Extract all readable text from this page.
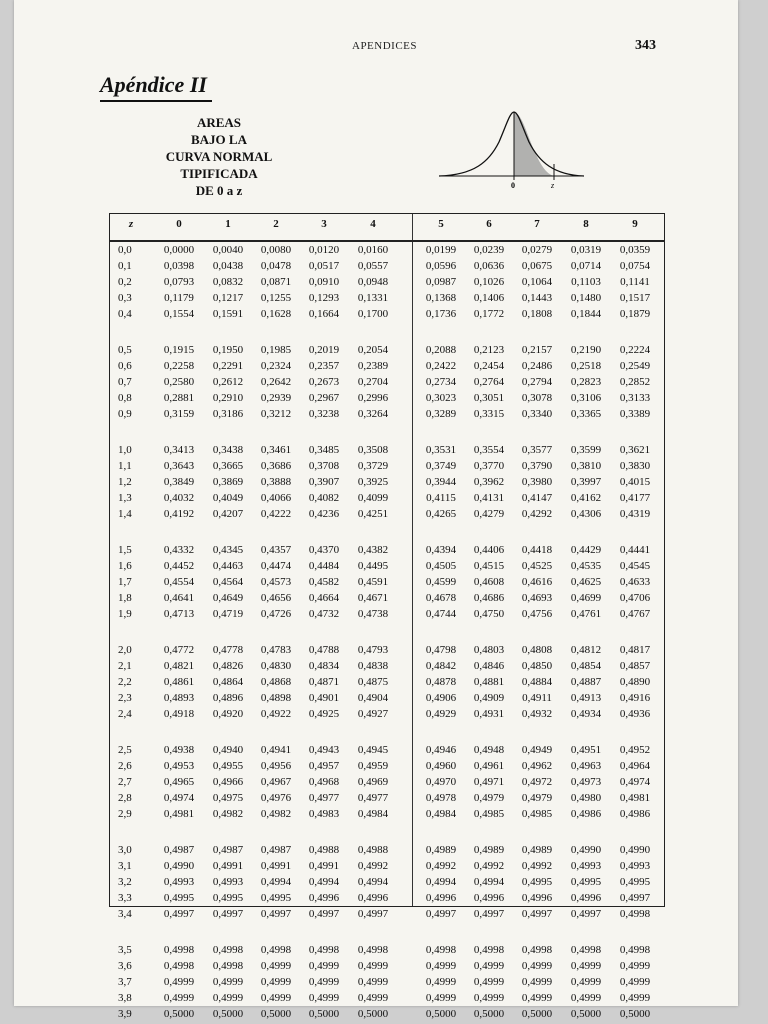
APENDICES	343
Apéndice II
AREAS
BAJO LA
CURVA NORMAL
TIPIFICADA
DE 0 a z	0	z
z	0	1	2	3	4	5	6	7	8	9
0,0	0,0000	0,0040	0,0080	0,0120	0,0160	0,0199	0,0239	0,0279	0,0319	0,0359
0,1	0,0398	0,0438	0,0478	0,0517	0,0557	0,0596	0,0636	0,0675	0,0714	0,0754
0,2	0,0793	0,0832	0,0871	0,0910	0,0948	0,0987	0,1026	0,1064	0,1103	0,1141
0,3	0,1179	0,1217	0,1255	0,1293	0,1331	0,1368	0,1406	0,1443	0,1480	0,1517
0,4	0,1554	0,1591	0,1628	0,1664	0,1700	0,1736	0,1772	0,1808	0,1844	0,1879
0,5	0,1915	0,1950	0,1985	0,2019	0,2054	0,2088	0,2123	0,2157	0,2190	0,2224
0,6	0,2258	0,2291	0,2324	0,2357	0,2389	0,2422	0,2454	0,2486	0,2518	0,2549
0,7	0,2580	0,2612	0,2642	0,2673	0,2704	0,2734	0,2764	0,2794	0,2823	0,2852
0,8	0,2881	0,2910	0,2939	0,2967	0,2996	0,3023	0,3051	0,3078	0,3106	0,3133
0,9	0,3159	0,3186	0,3212	0,3238	0,3264	0,3289	0,3315	0,3340	0,3365	0,3389
1,0	0,3413	0,3438	0,3461	0,3485	0,3508	0,3531	0,3554	0,3577	0,3599	0,3621
1,1	0,3643	0,3665	0,3686	0,3708	0,3729	0,3749	0,3770	0,3790	0,3810	0,3830
1,2	0,3849	0,3869	0,3888	0,3907	0,3925	0,3944	0,3962	0,3980	0,3997	0,4015
1,3	0,4032	0,4049	0,4066	0,4082	0,4099	0,4115	0,4131	0,4147	0,4162	0,4177
1,4	0,4192	0,4207	0,4222	0,4236	0,4251	0,4265	0,4279	0,4292	0,4306	0,4319
1,5	0,4332	0,4345	0,4357	0,4370	0,4382	0,4394	0,4406	0,4418	0,4429	0,4441
1,6	0,4452	0,4463	0,4474	0,4484	0,4495	0,4505	0,4515	0,4525	0,4535	0,4545
1,7	0,4554	0,4564	0,4573	0,4582	0,4591	0,4599	0,4608	0,4616	0,4625	0,4633
1,8	0,4641	0,4649	0,4656	0,4664	0,4671	0,4678	0,4686	0,4693	0,4699	0,4706
1,9	0,4713	0,4719	0,4726	0,4732	0,4738	0,4744	0,4750	0,4756	0,4761	0,4767
2,0	0,4772	0,4778	0,4783	0,4788	0,4793	0,4798	0,4803	0,4808	0,4812	0,4817
2,1	0,4821	0,4826	0,4830	0,4834	0,4838	0,4842	0,4846	0,4850	0,4854	0,4857
2,2	0,4861	0,4864	0,4868	0,4871	0,4875	0,4878	0,4881	0,4884	0,4887	0,4890
2,3	0,4893	0,4896	0,4898	0,4901	0,4904	0,4906	0,4909	0,4911	0,4913	0,4916
2,4	0,4918	0,4920	0,4922	0,4925	0,4927	0,4929	0,4931	0,4932	0,4934	0,4936
2,5	0,4938	0,4940	0,4941	0,4943	0,4945	0,4946	0,4948	0,4949	0,4951	0,4952
2,6	0,4953	0,4955	0,4956	0,4957	0,4959	0,4960	0,4961	0,4962	0,4963	0,4964
2,7	0,4965	0,4966	0,4967	0,4968	0,4969	0,4970	0,4971	0,4972	0,4973	0,4974
2,8	0,4974	0,4975	0,4976	0,4977	0,4977	0,4978	0,4979	0,4979	0,4980	0,4981
2,9	0,4981	0,4982	0,4982	0,4983	0,4984	0,4984	0,4985	0,4985	0,4986	0,4986
3,0	0,4987	0,4987	0,4987	0,4988	0,4988	0,4989	0,4989	0,4989	0,4990	0,4990
3,1	0,4990	0,4991	0,4991	0,4991	0,4992	0,4992	0,4992	0,4992	0,4993	0,4993
3,2	0,4993	0,4993	0,4994	0,4994	0,4994	0,4994	0,4994	0,4995	0,4995	0,4995
3,3	0,4995	0,4995	0,4995	0,4996	0,4996	0,4996	0,4996	0,4996	0,4996	0,4997
3,4	0,4997	0,4997	0,4997	0,4997	0,4997	0,4997	0,4997	0,4997	0,4997	0,4998
3,5	0,4998	0,4998	0,4998	0,4998	0,4998	0,4998	0,4998	0,4998	0,4998	0,4998
3,6	0,4998	0,4998	0,4999	0,4999	0,4999	0,4999	0,4999	0,4999	0,4999	0,4999
3,7	0,4999	0,4999	0,4999	0,4999	0,4999	0,4999	0,4999	0,4999	0,4999	0,4999
3,8	0,4999	0,4999	0,4999	0,4999	0,4999	0,4999	0,4999	0,4999	0,4999	0,4999
3,9	0,5000	0,5000	0,5000	0,5000	0,5000	0,5000	0,5000	0,5000	0,5000	0,5000
